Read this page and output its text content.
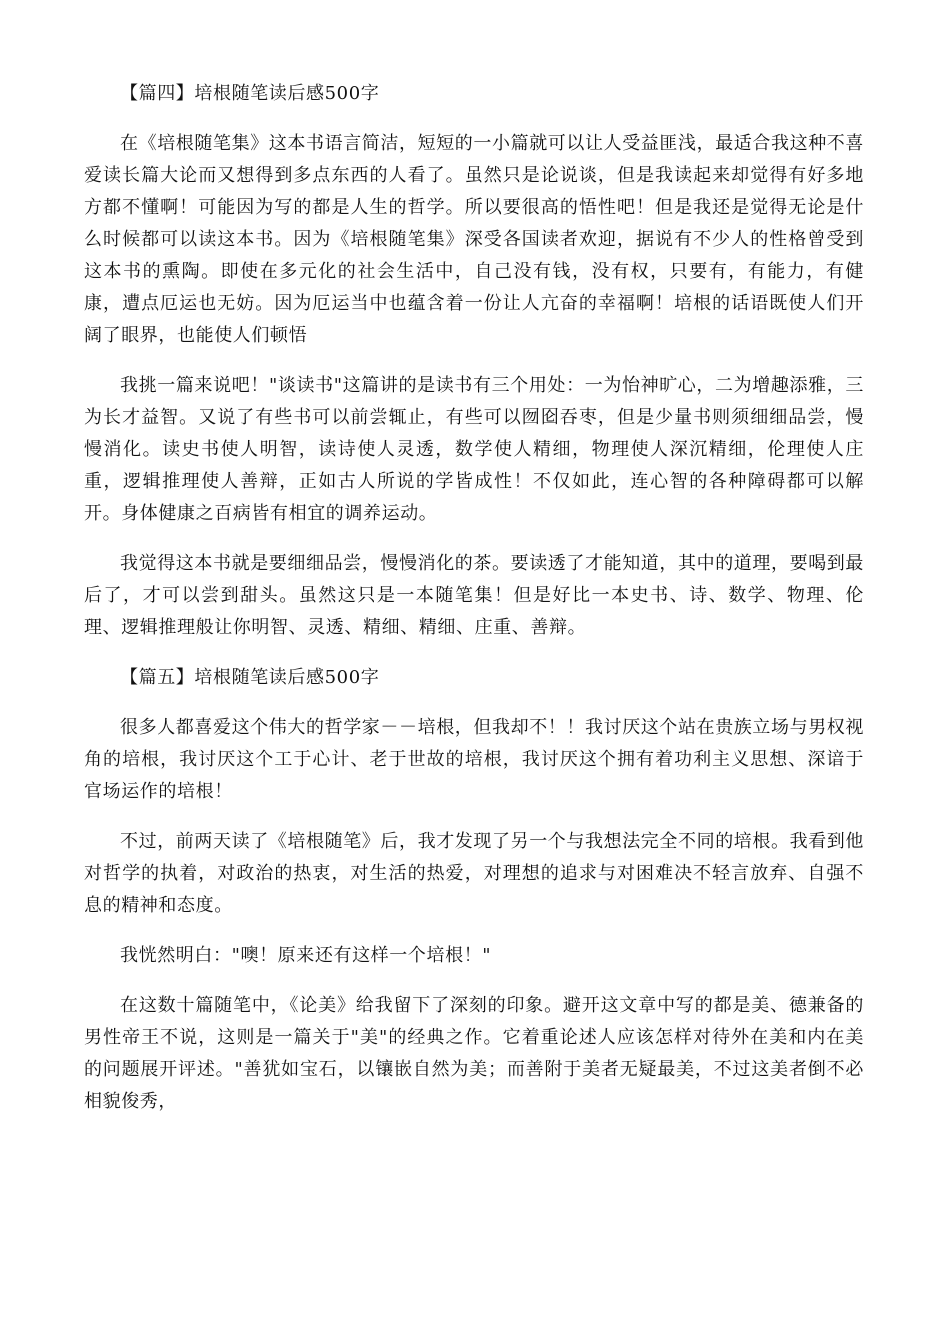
【篇四】培根随笔读后感500字

在《培根随笔集》这本书语言简洁，短短的一小篇就可以让人受益匪浅，最适合我这种不喜爱读长篇大论而又想得到多点东西的人看了。虽然只是论说谈，但是我读起来却觉得有好多地方都不懂啊！可能因为写的都是人生的哲学。所以要很高的悟性吧！但是我还是觉得无论是什么时候都可以读这本书。因为《培根随笔集》深受各国读者欢迎，据说有不少人的性格曾受到这本书的熏陶。即使在多元化的社会生活中，自己没有钱，没有权，只要有，有能力，有健康，遭点厄运也无妨。因为厄运当中也蕴含着一份让人亢奋的幸福啊！培根的话语既使人们开阔了眼界，也能使人们顿悟

我挑一篇来说吧！"谈读书"这篇讲的是读书有三个用处：一为怡神旷心，二为增趣添雅，三为长才益智。又说了有些书可以前尝辄止，有些可以囫囵吞枣，但是少量书则须细细品尝，慢慢消化。读史书使人明智，读诗使人灵透，数学使人精细，物理使人深沉精细，伦理使人庄重，逻辑推理使人善辩，正如古人所说的学皆成性！不仅如此，连心智的各种障碍都可以解开。身体健康之百病皆有相宜的调养运动。

我觉得这本书就是要细细品尝，慢慢消化的茶。要读透了才能知道，其中的道理，要喝到最后了，才可以尝到甜头。虽然这只是一本随笔集！但是好比一本史书、诗、数学、物理、伦理、逻辑推理般让你明智、灵透、精细、精细、庄重、善辩。

【篇五】培根随笔读后感500字

很多人都喜爱这个伟大的哲学家－－培根，但我却不！！我讨厌这个站在贵族立场与男权视角的培根，我讨厌这个工于心计、老于世故的培根，我讨厌这个拥有着功利主义思想、深谙于官场运作的培根！

不过，前两天读了《培根随笔》后，我才发现了另一个与我想法完全不同的培根。我看到他对哲学的执着，对政治的热衷，对生活的热爱，对理想的追求与对困难决不轻言放弃、自强不息的精神和态度。

我恍然明白："噢！原来还有这样一个培根！"

在这数十篇随笔中，《论美》给我留下了深刻的印象。避开这文章中写的都是美、德兼备的男性帝王不说，这则是一篇关于"美"的经典之作。它着重论述人应该怎样对待外在美和内在美的问题展开评述。"善犹如宝石，以镶嵌自然为美；而善附于美者无疑最美，不过这美者倒不必相貌俊秀，
